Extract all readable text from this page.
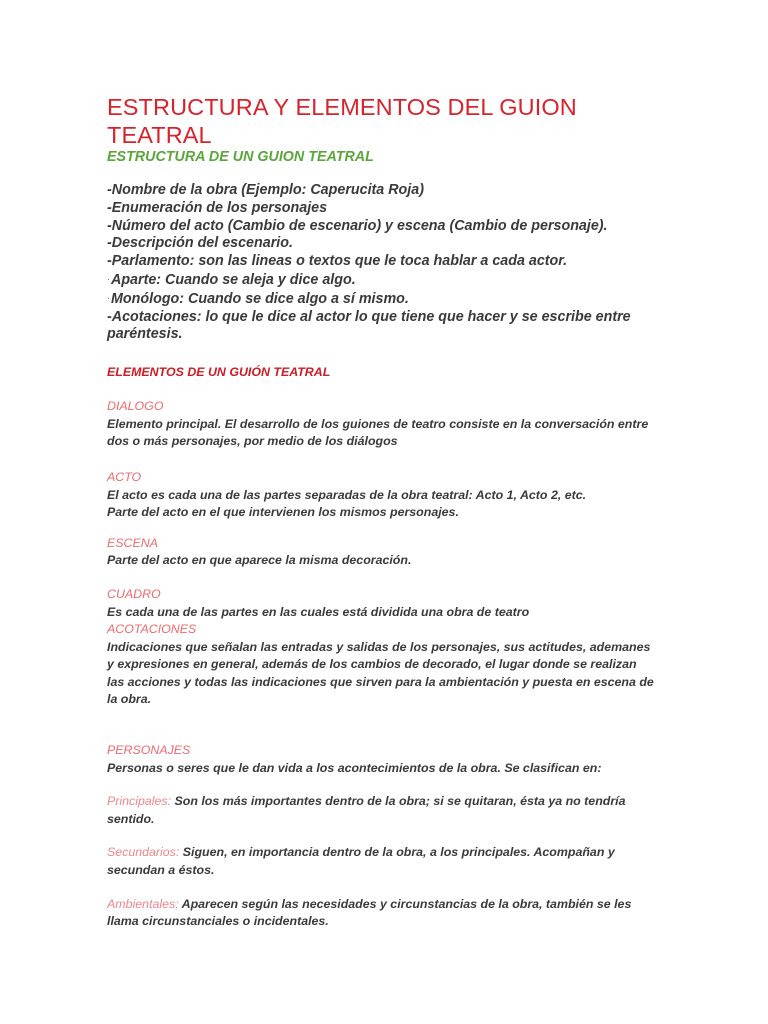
ESTRUCTURA Y ELEMENTOS DEL GUION TEATRAL
ESTRUCTURA DE UN GUION TEATRAL
-Nombre de la obra (Ejemplo: Caperucita Roja)
-Enumeración de los personajes
-Número del acto (Cambio de escenario) y escena (Cambio de personaje).
-Descripción del escenario.
-Parlamento: son las lineas o textos que le toca hablar a cada actor.
·Aparte: Cuando se aleja y dice algo.
·Monólogo: Cuando se dice algo a sí mismo.
-Acotaciones: lo que le dice al actor lo que tiene que hacer y se escribe entre paréntesis.
ELEMENTOS DE UN GUIÓN TEATRAL

DIALOGO

Elemento principal. El desarrollo de los guiones de teatro consiste en la conversación entre

dos o más personajes, por medio de los diálogos

ACTO

El acto es cada una de las partes separadas de la obra teatral: Acto 1, Acto 2, etc.

Parte del acto en el que intervienen los mismos personajes.

ESCENA

Parte del acto en que aparece la misma decoración.

CUADRO

Es cada una de las partes en las cuales está dividida una obra de teatro

ACOTACIONES

Indicaciones que señalan las entradas y salidas de los personajes, sus actitudes, ademanes

y expresiones en general, además de los cambios de decorado, el lugar donde se realizan

las acciones y todas las indicaciones que sirven para la ambientación y puesta en escena de

la obra.

PERSONAJES

Personas o seres que le dan vida a los acontecimientos de la obra. Se clasifican en:

Principales: Son los más importantes dentro de la obra; si se quitaran, ésta ya no tendría

sentido.

Secundarios: Siguen, en importancia dentro de la obra, a los principales. Acompañan y

secundan a éstos.

Ambientales: Aparecen según las necesidades y circunstancias de la obra, también se les

llama circunstanciales o incidentales.
